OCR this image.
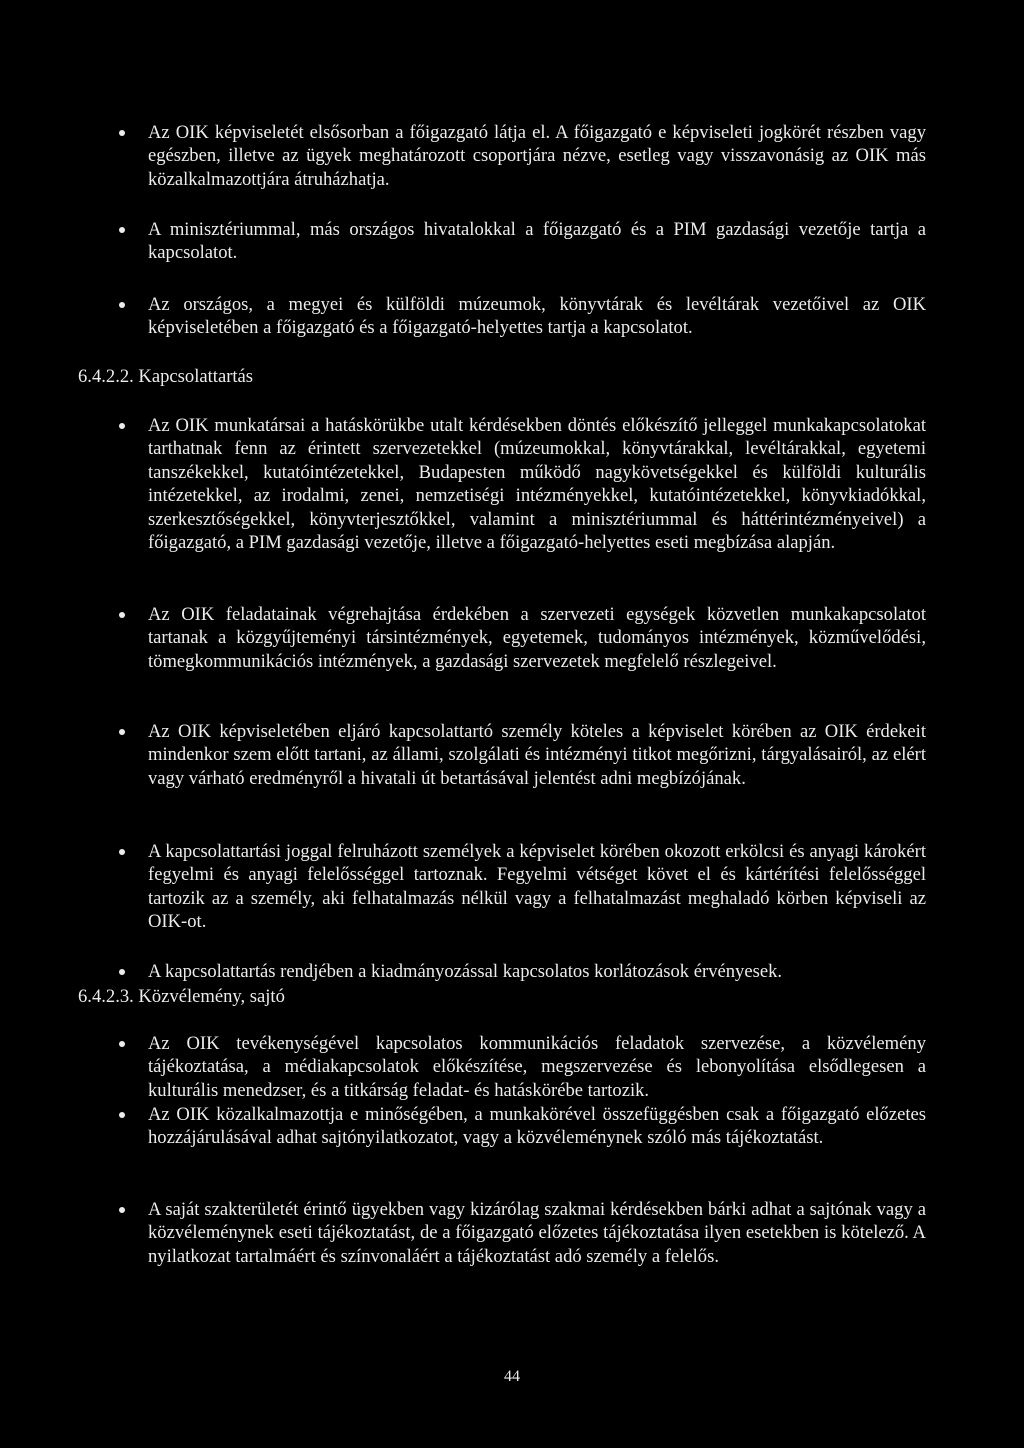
Az OIK képviseletét elsősorban a főigazgató látja el. A főigazgató e képviseleti jogkörét részben vagy egészben, illetve az ügyek meghatározott csoportjára nézve, esetleg vagy visszavonásig az OIK más közalkalmazottjára átruházhatja.
A minisztériummal, más országos hivatalokkal a főigazgató és a PIM gazdasági vezetője tartja a kapcsolatot.
Az országos, a megyei és külföldi múzeumok, könyvtárak és levéltárak vezetőivel az OIK képviseletében a főigazgató és a főigazgató-helyettes tartja a kapcsolatot.
6.4.2.2. Kapcsolattartás
Az OIK munkatársai a hatáskörükbe utalt kérdésekben döntés előkészítő jelleggel munkakapcsolatokat tarthatnak fenn az érintett szervezetekkel (múzeumokkal, könyvtárakkal, levéltárakkal, egyetemi tanszékekkel, kutatóintézetekkel, Budapesten működő nagykövetségekkel és külföldi kulturális intézetekkel, az irodalmi, zenei, nemzetiségi intézményekkel, kutatóintézetekkel, könyvkiadókkal, szerkesztőségekkel, könyvterjesztőkkel, valamint a minisztériummal és háttérintézményeivel) a főigazgató, a PIM gazdasági vezetője, illetve a főigazgató-helyettes eseti megbízása alapján.
Az OIK feladatainak végrehajtása érdekében a szervezeti egységek közvetlen munkakapcsolatot tartanak a közgyűjteményi társintézmények, egyetemek, tudományos intézmények, közművelődési, tömegkommunikációs intézmények, a gazdasági szervezetek megfelelő részlegeivel.
Az OIK képviseletében eljáró kapcsolattartó személy köteles a képviselet körében az OIK érdekeit mindenkor szem előtt tartani, az állami, szolgálati és intézményi titkot megőrizni, tárgyalásairól, az elért vagy várható eredményről a hivatali út betartásával jelentést adni megbízójának.
A kapcsolattartási joggal felruházott személyek a képviselet körében okozott erkölcsi és anyagi károkért fegyelmi és anyagi felelősséggel tartoznak. Fegyelmi vétséget követ el és kártérítési felelősséggel tartozik az a személy, aki felhatalmazás nélkül vagy a felhatalmazást meghaladó körben képviseli az OIK-ot.
A kapcsolattartás rendjében a kiadmányozással kapcsolatos korlátozások érvényesek.
6.4.2.3. Közvélemény, sajtó
Az OIK tevékenységével kapcsolatos kommunikációs feladatok szervezése, a közvélemény tájékoztatása, a médiakapcsolatok előkészítése, megszervezése és lebonyolítása elsődlegesen a kulturális menedzser, és a titkárság feladat- és hatáskörébe tartozik.
Az OIK közalkalmazottja e minőségében, a munkakörével összefüggésben csak a főigazgató előzetes hozzájárulásával adhat sajtónyilatkozatot, vagy a közvéleménynek szóló más tájékoztatást.
A saját szakterületét érintő ügyekben vagy kizárólag szakmai kérdésekben bárki adhat a sajtónak vagy a közvéleménynek eseti tájékoztatást, de a főigazgató előzetes tájékoztatása ilyen esetekben is kötelező. A nyilatkozat tartalmáért és színvonaláért a tájékoztatást adó személy a felelős.
44
